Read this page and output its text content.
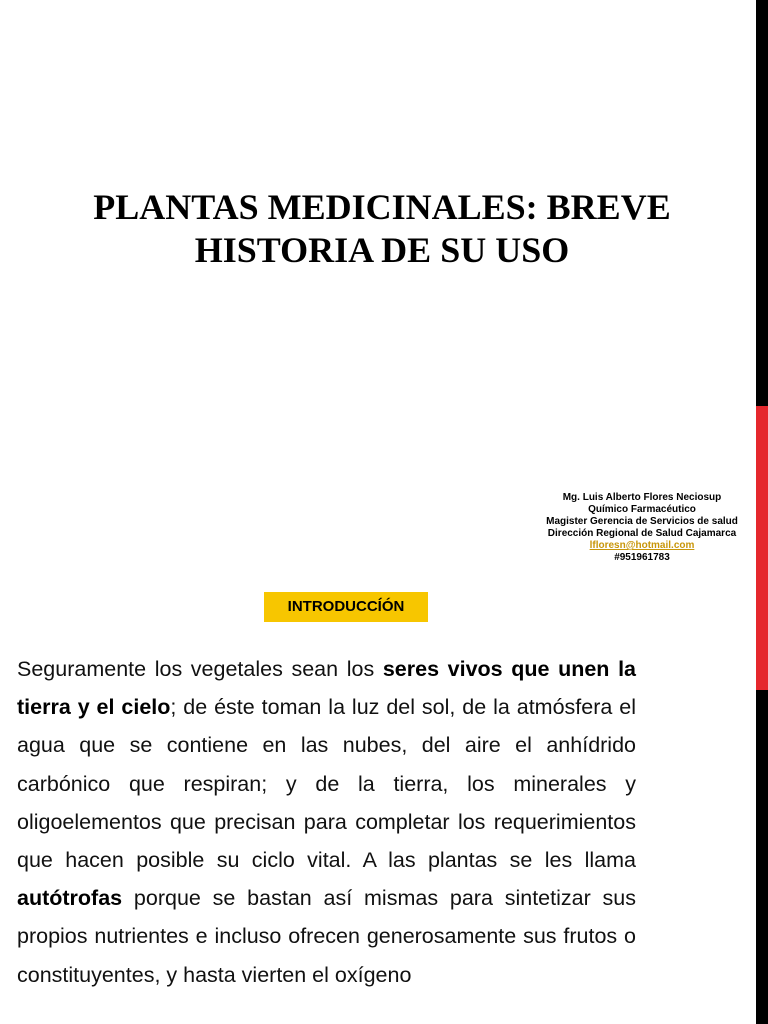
PLANTAS MEDICINALES: BREVE
HISTORIA DE SU USO
Mg. Luis Alberto Flores Neciosup
Químico Farmacéutico
Magister Gerencia de Servicios de salud
Dirección Regional de Salud Cajamarca
lfloresn@hotmail.com
#951961783
INTRODUCCÍÓN
Seguramente los vegetales sean los seres vivos que unen la tierra y el cielo; de éste toman la luz del sol, de la atmósfera el agua que se contiene en las nubes, del aire el anhídrido carbónico que respiran; y de la tierra, los minerales y oligoelementos que precisan para completar los requerimientos que hacen posible su ciclo vital. A las plantas se les llama autótrofas porque se bastan así mismas para sintetizar sus propios nutrientes e incluso ofrecen generosamente sus frutos o constituyentes, y hasta vierten el oxígeno
